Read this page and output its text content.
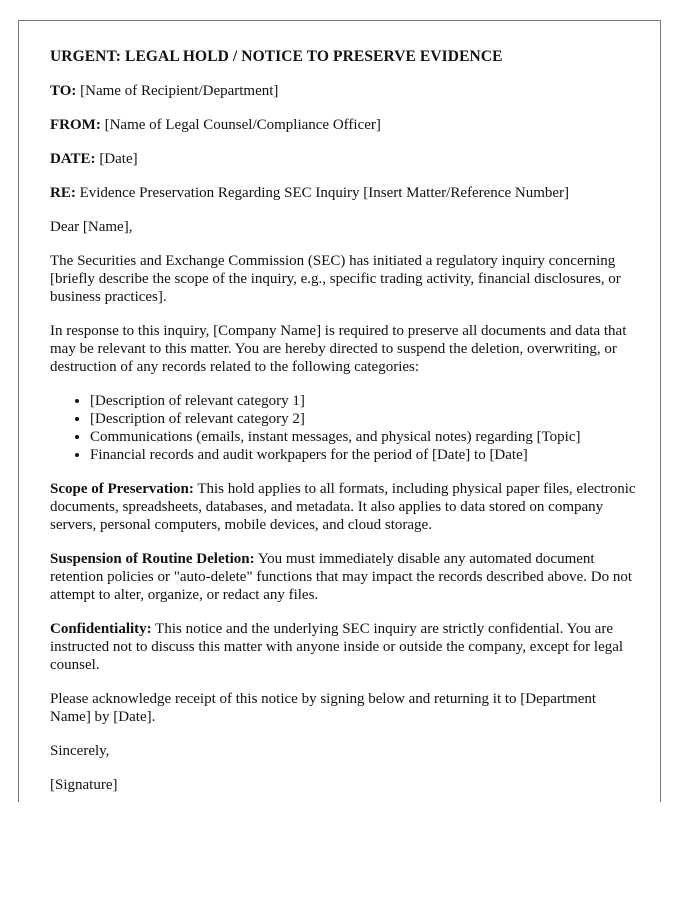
URGENT: LEGAL HOLD / NOTICE TO PRESERVE EVIDENCE
TO: [Name of Recipient/Department]
FROM: [Name of Legal Counsel/Compliance Officer]
DATE: [Date]
RE: Evidence Preservation Regarding SEC Inquiry [Insert Matter/Reference Number]

Dear [Name],

The Securities and Exchange Commission (SEC) has initiated a regulatory inquiry concerning [briefly describe the scope of the inquiry, e.g., specific trading activity, financial disclosures, or business practices].

In response to this inquiry, [Company Name] is required to preserve all documents and data that may be relevant to this matter. You are hereby directed to suspend the deletion, overwriting, or destruction of any records related to the following categories:

• [Description of relevant category 1]
• [Description of relevant category 2]
• Communications (emails, instant messages, and physical notes) regarding [Topic]
• Financial records and audit workpapers for the period of [Date] to [Date]

Scope of Preservation: This hold applies to all formats, including physical paper files, electronic documents, spreadsheets, databases, and metadata. It also applies to data stored on company servers, personal computers, mobile devices, and cloud storage.

Suspension of Routine Deletion: You must immediately disable any automated document retention policies or "auto-delete" functions that may impact the records described above. Do not attempt to alter, organize, or redact any files.

Confidentiality: This notice and the underlying SEC inquiry are strictly confidential. You are instructed not to discuss this matter with anyone inside or outside the company, except for legal counsel.

Please acknowledge receipt of this notice by signing below and returning it to [Department Name] by [Date].

Sincerely,

[Signature]
